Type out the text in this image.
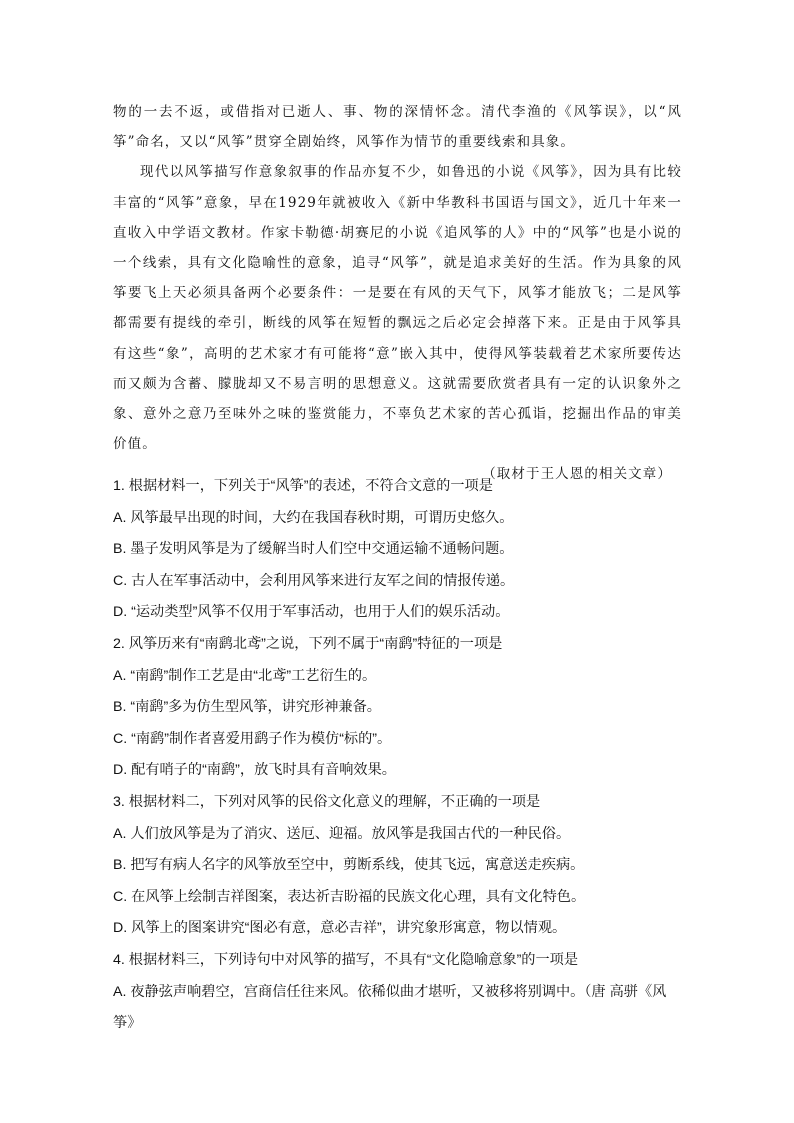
物的一去不返，或借指对已逝人、事、物的深情怀念。清代李渔的《风筝误》，以“风筝”命名，又以“风筝”贯穿全剧始终，风筝作为情节的重要线索和具象。

现代以风筝描写作意象叙事的作品亦复不少，如鲁迅的小说《风筝》，因为具有比较丰富的“风筝”意象，早在1929年就被收入《新中华教科书国语与国文》，近几十年来一直收入中学语文教材。作家卡勒德·胡赛尼的小说《追风筝的人》中的“风筝”也是小说的一个线索，具有文化隐喻性的意象，追寻“风筝”，就是追求美好的生活。作为具象的风筝要飞上天必须具备两个必要条件：一是要在有风的天气下，风筝才能放飞；二是风筝都需要有提线的牵引，断线的风筝在短暂的飘远之后必定会掉落下来。正是由于风筝具有这些“象”，高明的艺术家才有可能将“意”嵌入其中，使得风筝装载着艺术家所要传达而又颇为含蓄、朦胧却又不易言明的思想意义。这就需要欣赏者具有一定的认识象外之象、意外之意乃至味外之味的鉴赏能力，不辜负艺术家的苦心孤诣，挖掘出作品的审美价值。

（取材于王人恩的相关文章）

1. 根据材料一，下列关于“风筝”的表述，不符合文意的一项是

A. 风筝最早出现的时间，大约在我国春秋时期，可谓历史悠久。

B. 墨子发明风筝是为了缓解当时人们空中交通运输不通畅问题。

C. 古人在军事活动中，会利用风筝来进行友军之间的情报传递。

D. “运动类型”风筝不仅用于军事活动，也用于人们的娱乐活动。

2. 风筝历来有“南鹞北鸢”之说，下列不属于“南鹞”特征的一项是

A. “南鹞”制作工艺是由“北鸢”工艺衍生的。

B. “南鹞”多为仿生型风筝，讲究形神兼备。

C. “南鹞”制作者喜爱用鹞子作为模仿“标的”。

D. 配有哨子的“南鹞”，放飞时具有音响效果。

3. 根据材料二，下列对风筝的民俗文化意义的理解，不正确的一项是

A. 人们放风筝是为了消灾、送厄、迎福。放风筝是我国古代的一种民俗。

B. 把写有病人名字的风筝放至空中，剪断系线，使其飞远，寓意送走疾病。

C. 在风筝上绘制吉祥图案，表达祈吉盼福的民族文化心理，具有文化特色。

D. 风筝上的图案讲究“图必有意，意必吉祥”，讲究象形寓意，物以情观。

4. 根据材料三，下列诗句中对风筝的描写，不具有“文化隐喻意象”的一项是

A. 夜静弦声响碧空，宫商信任往来风。依稀似曲才堪听，又被移将别调中。（唐 高骈《风筝》
